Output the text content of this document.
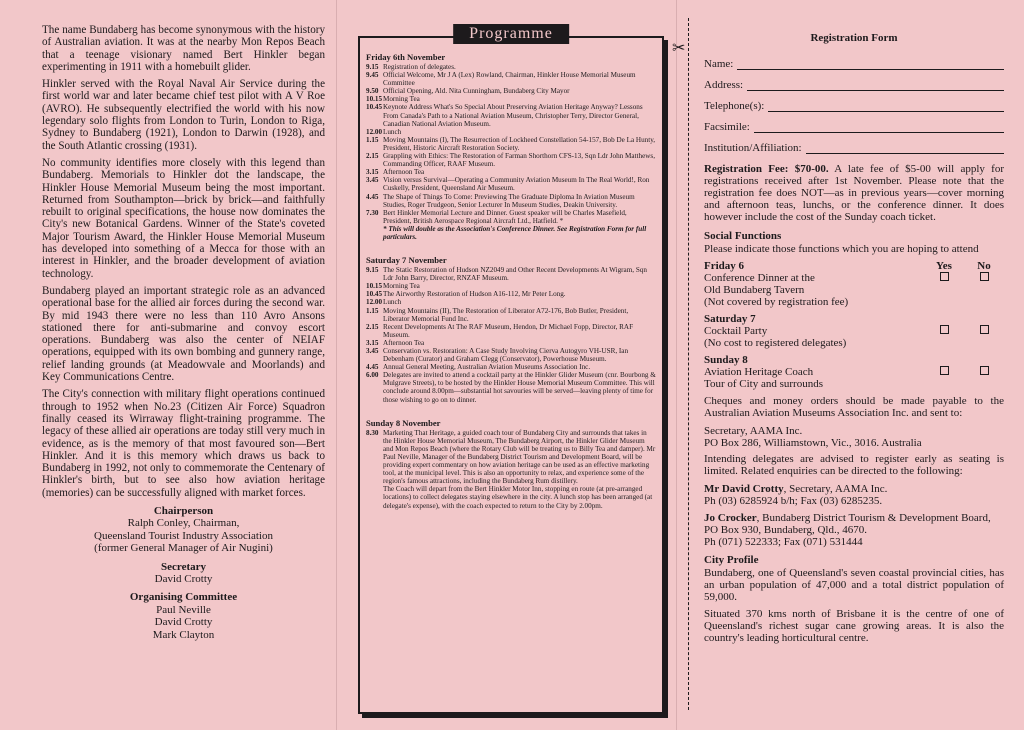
The name Bundaberg has become synonymous with the history of Australian aviation. It was at the nearby Mon Repos Beach that a teenage visionary named Bert Hinkler began experimenting in 1911 with a homebuilt glider.

Hinkler served with the Royal Naval Air Service during the first world war and later became chief test pilot with A V Roe (AVRO). He subsequently electrified the world with his now legendary solo flights from London to Turin, London to Riga, Sydney to Bundaberg (1921), London to Darwin (1928), and the South Atlantic crossing (1931).

No community identifies more closely with this legend than Bundaberg. Memorials to Hinkler dot the landscape, the Hinkler House Memorial Museum being the most important. Returned from Southampton—brick by brick—and faithfully rebuilt to original specifications, the house now dominates the City's new Botanical Gardens. Winner of the State's coveted Major Tourism Award, the Hinkler House Memorial Museum has developed into something of a Mecca for those with an interest in Hinkler, and the broader development of aviation technology.

Bundaberg played an important strategic role as an advanced operational base for the allied air forces during the second war. By mid 1943 there were no less than 110 Avro Ansons stationed there for anti-submarine and convoy escort operations. Bundaberg was also the center of NEIAF operations, equipped with its own bombing and gunnery range, relief landing grounds (at Meadowvale and Moorlands) and Key Communications Centre.

The City's connection with military flight operations continued through to 1952 when No.23 (Citizen Air Force) Squadron finally ceased its Wirraway flight-training programme. The legacy of these allied air operations are today still very much in evidence, as is the memory of that most favoured son—Bert Hinkler. And it is this memory which draws us back to Bundaberg in 1992, not only to commemorate the Centenary of Hinkler's birth, but to see also how aviation heritage (memories) can be successfully aligned with market forces.

Chairperson
Ralph Conley, Chairman,
Queensland Tourist Industry Association
(former General Manager of Air Nugini)
Secretary
David Crotty
Organising Committee
Paul Neville
David Crotty
Mark Clayton
Programme
Friday 6th November
9.15 Registration of delegates.
9.45 Official Welcome, Mr J A (Lex) Rowland, Chairman, Hinkler House Memorial Museum Committee
9.50 Official Opening, Ald. Nita Cunningham, Bundaberg City Mayor
10.15 Morning Tea
10.45 Keynote Address What's So Special About Preserving Aviation Heritage Anyway? Lessons From Canada's Path to a National Aviation Museum, Christopher Terry, Director General, Canadian National Aviation Museum.
12.00 Lunch
1.15 Moving Mountains (I), The Resurrection of Lockheed Constellation 54-157, Bob De La Hunty, President, Historic Aircraft Restoration Society.
2.15 Grappling with Ethics: The Restoration of Farman Shorthorn CFS-13, Sqn Ldr John Matthews, Commanding Officer, RAAF Museum.
3.15 Afternoon Tea
3.45 Vision versus Survival—Operating a Community Aviation Museum In The Real World!, Ron Cuskelly, President, Queensland Air Museum.
4.45 The Shape of Things To Come: Previewing The Graduate Diploma In Aviation Museum Studies, Roger Trudgeon, Senior Lecturer In Museum Studies, Deakin University.
7.30 Bert Hinkler Memorial Lecture and Dinner. Guest speaker will be Charles Masefield, President, British Aerospace Regional Aircraft Ltd., Hatfield. *
* This will double as the Association's Conference Dinner. See Registration Form for full particulars.
Saturday 7 November
9.15 The Static Restoration of Hudson NZ2049 and Other Recent Developments At Wigram, Sqn Ldr John Barry, Director, RNZAF Museum.
10.15 Morning Tea
10.45 The Airworthy Restoration of Hudson A16-112, Mr Peter Long.
12.00 Lunch
1.15 Moving Mountains (II), The Restoration of Liberator A72-176, Bob Butler, President, Liberator Memorial Fund Inc.
2.15 Recent Developments At The RAF Museum, Hendon, Dr Michael Fopp, Director, RAF Museum.
3.15 Afternoon Tea
3.45 Conservation vs. Restoration: A Case Study Involving Cierva Autogyro VH-USR, Ian Debenham (Curator) and Graham Clegg (Conservator), Powerhouse Museum.
4.45 Annual General Meeting, Australian Aviation Museums Association Inc.
6.00 Delegates are invited to attend a cocktail party at the Hinkler Glider Museum (cnr. Bourbong & Mulgrave Streets), to be hosted by the Hinkler House Memorial Museum Committee. This will conclude around 8.00pm—substantial hot savouries will be served—leaving plenty of time for those wishing to go on to dinner.
Sunday 8 November
8.30 Marketing That Heritage, a guided coach tour of Bundaberg City and surrounds that takes in the Hinkler House Memorial Museum, The Bundaberg Airport, the Hinkler Glider Museum and Mon Repos Beach (where the Rotary Club will be treating us to Billy Tea and damper). Mr Paul Neville, Manager of the Bundaberg District Tourism and Development Board, will be providing expert commentary on how aviation heritage can be used as an effective marketing tool, at the municipal level. This is also an opportunity to relax, and experience some of the region's famous attractions, including the Bundaberg Rum distillery.
The Coach will depart from the Bert Hinkler Motor Inn, stopping en route (at pre-arranged locations) to collect delegates staying elsewhere in the city. A lunch stop has been arranged (at delegate's expense), with the coach expected to return to the City by 2.00pm.
✂
Registration Form
Name:
Address:
Telephone(s):
Facsimile:
Institution/Affiliation:

Registration Fee: $70-00. A late fee of $5-00 will apply for registrations received after 1st November. Please note that the registration fee does NOT—as in previous years—cover morning and afternoon teas, lunchs, or the conference dinner. It does however include the cost of the Sunday coach ticket.

Social Functions

Please indicate those functions which you are hoping to attend

Friday 6	Yes	No
Conference Dinner at the
Old Bundaberg Tavern
(Not covered by registration fee)
Saturday 7
Cocktail Party
(No cost to registered delegates)
Sunday 8
Aviation Heritage Coach
Tour of City and surrounds

Cheques and money orders should be made payable to the Australian Aviation Museums Association Inc. and sent to:

Secretary, AAMA Inc.
PO Box 286, Williamstown, Vic., 3016. Australia

Intending delegates are advised to register early as seating is limited. Related enquiries can be directed to the following:

Mr David Crotty, Secretary, AAMA Inc.
Ph (03) 6285924 b/h; Fax (03) 6285235.

Jo Crocker, Bundaberg District Tourism & Development Board, PO Box 930, Bundaberg, Qld., 4670.
Ph (071) 522333; Fax (071) 531444

City Profile

Bundaberg, one of Queensland's seven coastal provincial cities, has an urban population of 47,000 and a total district population of 59,000.

Situated 370 kms north of Brisbane it is the centre of one of Queensland's richest sugar cane growing areas. It is also the country's leading horticultural centre.
